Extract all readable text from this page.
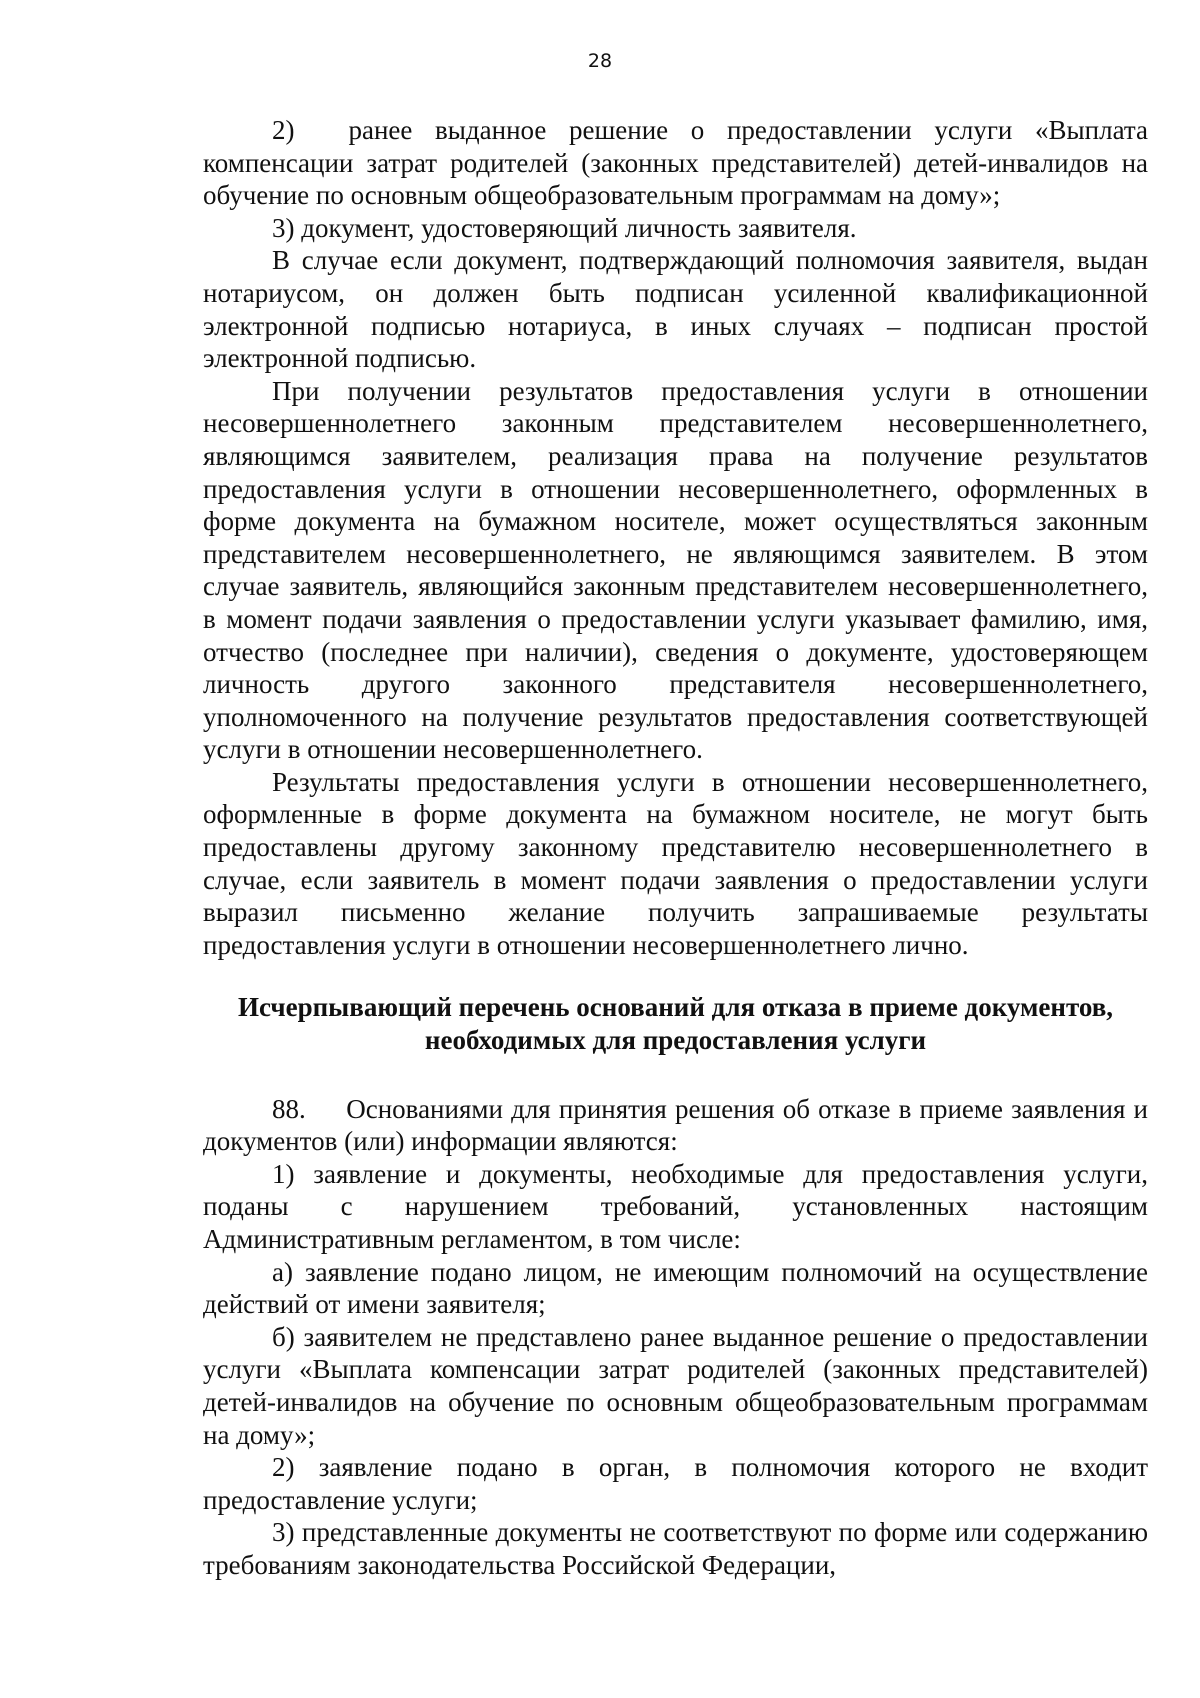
28

2)  ранее выданное решение о предоставлении услуги «Выплата компенсации затрат родителей (законных представителей) детей-инвалидов на обучение по основным общеобразовательным программам на дому»;

3) документ, удостоверяющий личность заявителя.

В случае если документ, подтверждающий полномочия заявителя, выдан нотариусом, он должен быть подписан усиленной квалификационной электронной подписью нотариуса, в иных случаях – подписан простой электронной подписью.

При получении результатов предоставления услуги в отношении несовершеннолетнего законным представителем несовершеннолетнего, являющимся заявителем, реализация права на получение результатов предоставления услуги в отношении несовершеннолетнего, оформленных в форме документа на бумажном носителе, может осуществляться законным представителем несовершеннолетнего, не являющимся заявителем. В этом случае заявитель, являющийся законным представителем несовершеннолетнего, в момент подачи заявления о предоставлении услуги указывает фамилию, имя, отчество (последнее при наличии), сведения о документе, удостоверяющем личность другого законного представителя несовершеннолетнего, уполномоченного на получение результатов предоставления соответствующей услуги в отношении несовершеннолетнего.

Результаты предоставления услуги в отношении несовершеннолетнего, оформленные в форме документа на бумажном носителе, не могут быть предоставлены другому законному представителю несовершеннолетнего в случае, если заявитель в момент подачи заявления о предоставлении услуги выразил письменно желание получить запрашиваемые результаты предоставления услуги в отношении несовершеннолетнего лично.

Исчерпывающий перечень оснований для отказа в приеме документов,
необходимых для предоставления услуги

88.  Основаниями для принятия решения об отказе в приеме заявления и документов (или) информации являются:

1) заявление и документы, необходимые для предоставления услуги, поданы с нарушением требований, установленных настоящим Административным регламентом, в том числе:

а) заявление подано лицом, не имеющим полномочий на осуществление действий от имени заявителя;

б) заявителем не представлено ранее выданное решение о предоставлении услуги «Выплата компенсации затрат родителей (законных представителей) детей-инвалидов на обучение по основным общеобразовательным программам на дому»;

2) заявление подано в орган, в полномочия которого не входит предоставление услуги;

3) представленные документы не соответствуют по форме или содержанию требованиям законодательства Российской Федерации,
